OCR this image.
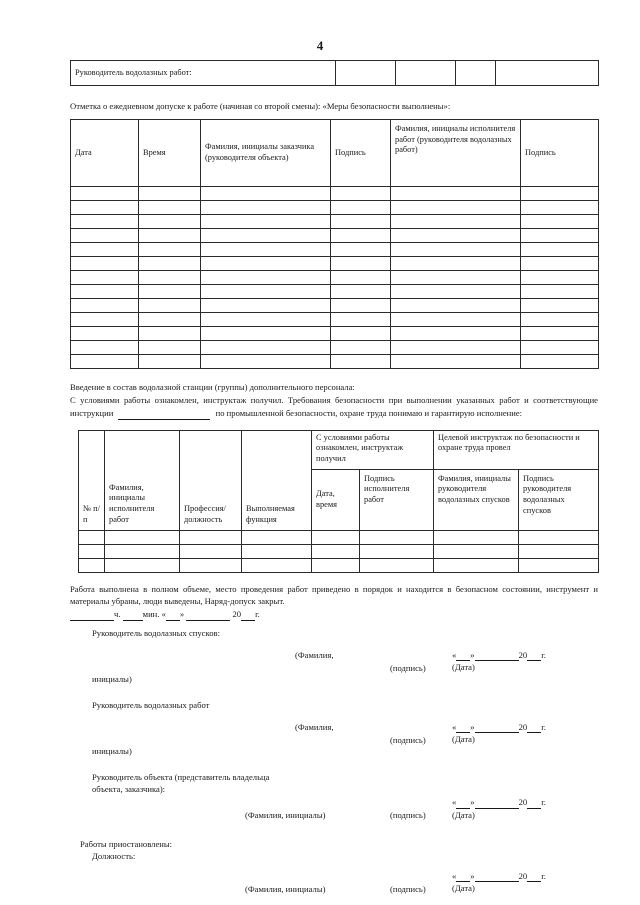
4
Руководитель водолазных работ:				

Отметка о ежедневном допуске к работе (начиная со второй смены): «Меры безопасности выполнены»:

Дата	Время	Фамилия, инициалы заказчика (руководителя объекта)	Подпись	Фамилия, инициалы исполнителя работ (руководителя водолазных работ)	Подпись

Введение в состав водолазной станции (группы) дополнительного персонала:

С условиями работы ознакомлен, инструктаж получил. Требования безопасности при выполнении указанных работ и соответствующие инструкции	по промышленной безопасности, охране труда понимаю и гарантирую исполнение:

№ п/п	Фамилия, инициалы исполнителя работ	Профессия/ должность	Выполняемая функция	С условиями работы ознакомлен, инструктаж получил		Целевой инструктаж по безопасности и охране труда провел	
				Дата, время	Подпись исполнителя работ	Фамилия, инициалы руководителя водолазных спусков	Подпись руководителя водолазных спусков

Работа выполнена в полном объеме, место проведения работ приведено в порядок и находится в безопасном состоянии, инструмент и материалы убраны, люди выведены, Наряд-допуск закрыт.

ч.	мин. « »	20 г.

Руководитель водолазных спусков:
(Фамилия,
(подпись)
« »	20 г.
(Дата)
инициалы)
Руководитель водолазных работ
(Фамилия,
(подпись)
« »	20 г.
(Дата)
инициалы)
Руководитель объекта (представитель владельца
объекта, заказчика):
(Фамилия, инициалы)	(подпись)
« »	20 г.
(Дата)
Работы приостановлены:
Должность:
(Фамилия, инициалы)	(подпись)
« »	20 г.
(Дата)
